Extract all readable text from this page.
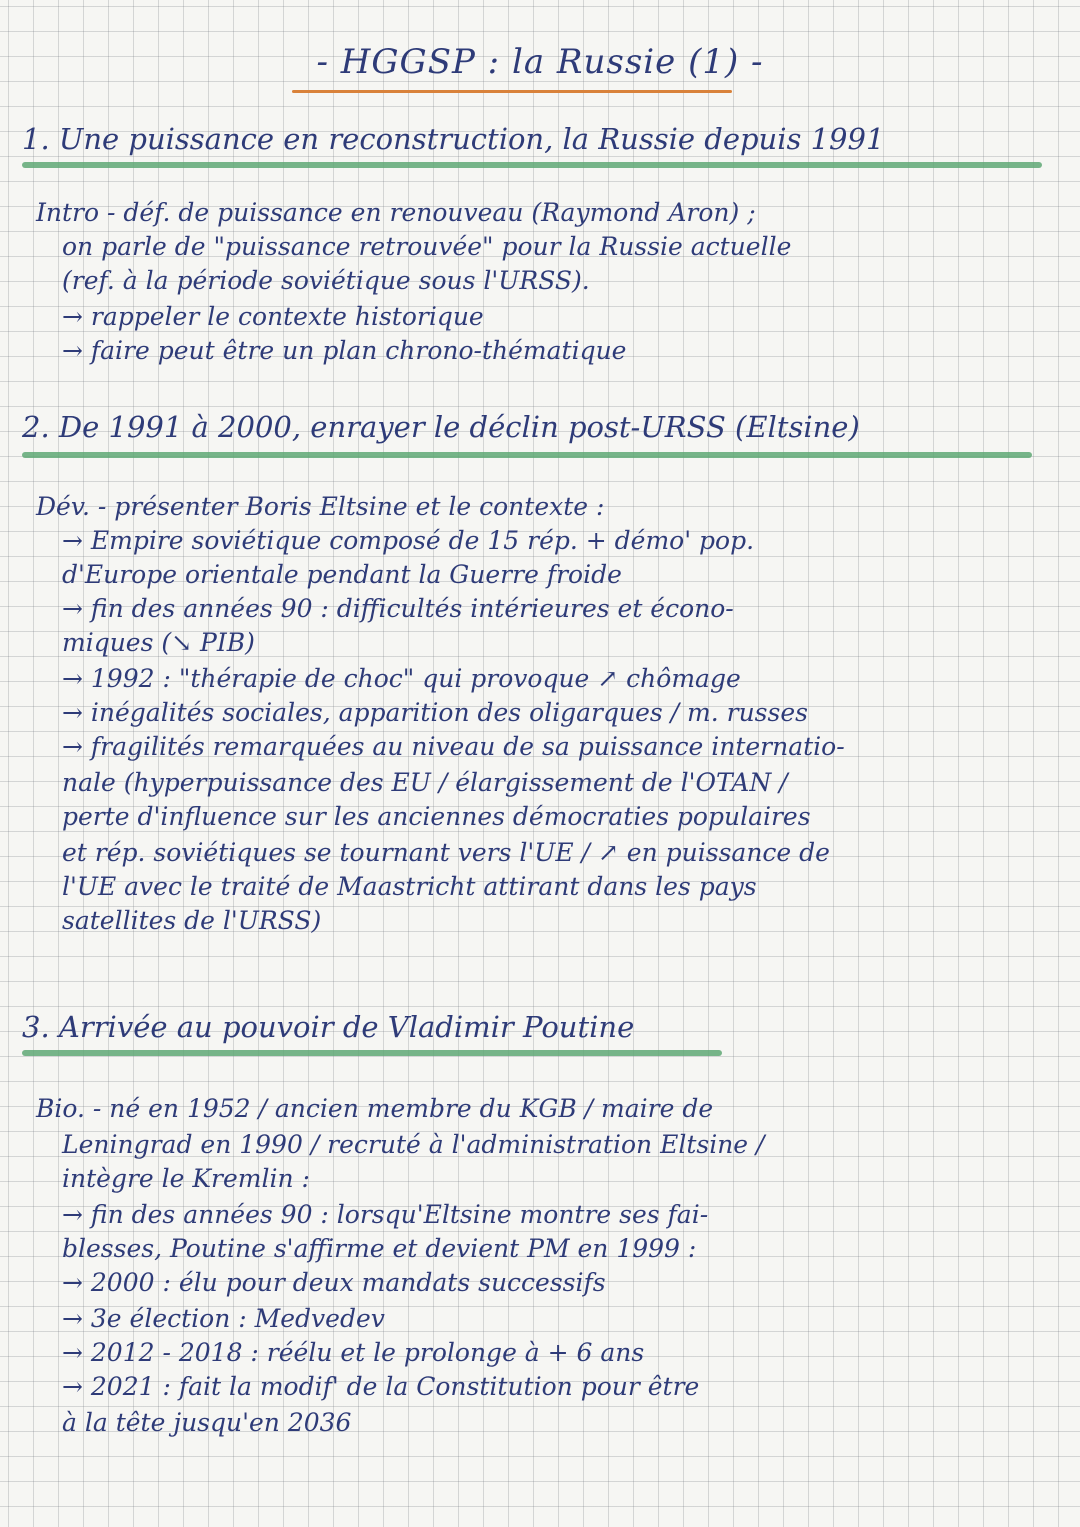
- HGGSP : la Russie (1) -
1. Une puissance en reconstruction, la Russie depuis 1991
Intro - déf. de puissance en renouveau (Raymond Aron) ;
on parle de "puissance retrouvée" pour la Russie actuelle
(ref. à la période soviétique sous l'URSS).
→ rappeler le contexte historique
→ faire peut être un plan chrono-thématique
2. De 1991 à 2000, enrayer le déclin post-URSS (Eltsine)
Dév. - présenter Boris Eltsine et le contexte :
→ Empire soviétique composé de 15 rép. + démo' pop.
d'Europe orientale pendant la Guerre froide
→ fin des années 90 : difficultés intérieures et écono-
miques (↘ PIB)
→ 1992 : "thérapie de choc" qui provoque ↗ chômage
→ inégalités sociales, apparition des oligarques / m. russes
→ fragilités remarquées au niveau de sa puissance internatio-
nale (hyperpuissance des EU / élargissement de l'OTAN /
perte d'influence sur les anciennes démocraties populaires
et rép. soviétiques se tournant vers l'UE / ↗ en puissance de
l'UE avec le traité de Maastricht attirant dans les pays
satellites de l'URSS)
3. Arrivée au pouvoir de Vladimir Poutine
Bio. - né en 1952 / ancien membre du KGB / maire de
Leningrad en 1990 / recruté à l'administration Eltsine /
intègre le Kremlin :
→ fin des années 90 : lorsqu'Eltsine montre ses fai-
blesses, Poutine s'affirme et devient PM en 1999 :
→ 2000 : élu pour deux mandats successifs
→ 3e élection : Medvedev
→ 2012 - 2018 : réélu et le prolonge à + 6 ans
→ 2021 : fait la modif' de la Constitution pour être
à la tête jusqu'en 2036
